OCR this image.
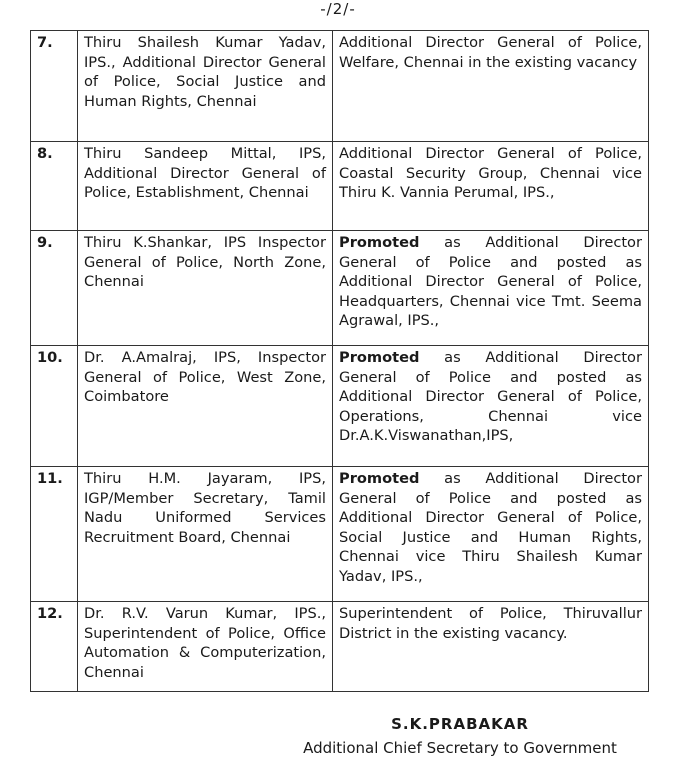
-/2/-
7.	Thiru Shailesh Kumar Yadav, IPS., Additional Director General of Police, Social Justice and Human Rights, Chennai	Additional Director General of Police, Welfare, Chennai in the existing vacancy
8.	Thiru Sandeep Mittal, IPS, Additional Director General of Police, Establishment, Chennai	Additional Director General of Police, Coastal Security Group, Chennai vice Thiru K. Vannia Perumal, IPS.,
9.	Thiru K.Shankar, IPS Inspector General of Police, North Zone, Chennai	Promoted as Additional Director General of Police and posted as Additional Director General of Police, Headquarters, Chennai vice Tmt. Seema Agrawal, IPS.,
10.	Dr. A.Amalraj, IPS, Inspector General of Police, West Zone, Coimbatore	Promoted as Additional Director General of Police and posted as Additional Director General of Police, Operations, Chennai vice Dr.A.K.Viswanathan,IPS,
11.	Thiru H.M. Jayaram, IPS, IGP/Member Secretary, Tamil Nadu Uniformed Services Recruitment Board, Chennai	Promoted as Additional Director General of Police and posted as Additional Director General of Police, Social Justice and Human Rights, Chennai vice Thiru Shailesh Kumar Yadav, IPS.,
12.	Dr. R.V. Varun Kumar, IPS., Superintendent of Police, Office Automation & Computerization, Chennai	Superintendent of Police, Thiruvallur District in the existing vacancy.
S.K.PRABAKAR
Additional Chief Secretary to Government
